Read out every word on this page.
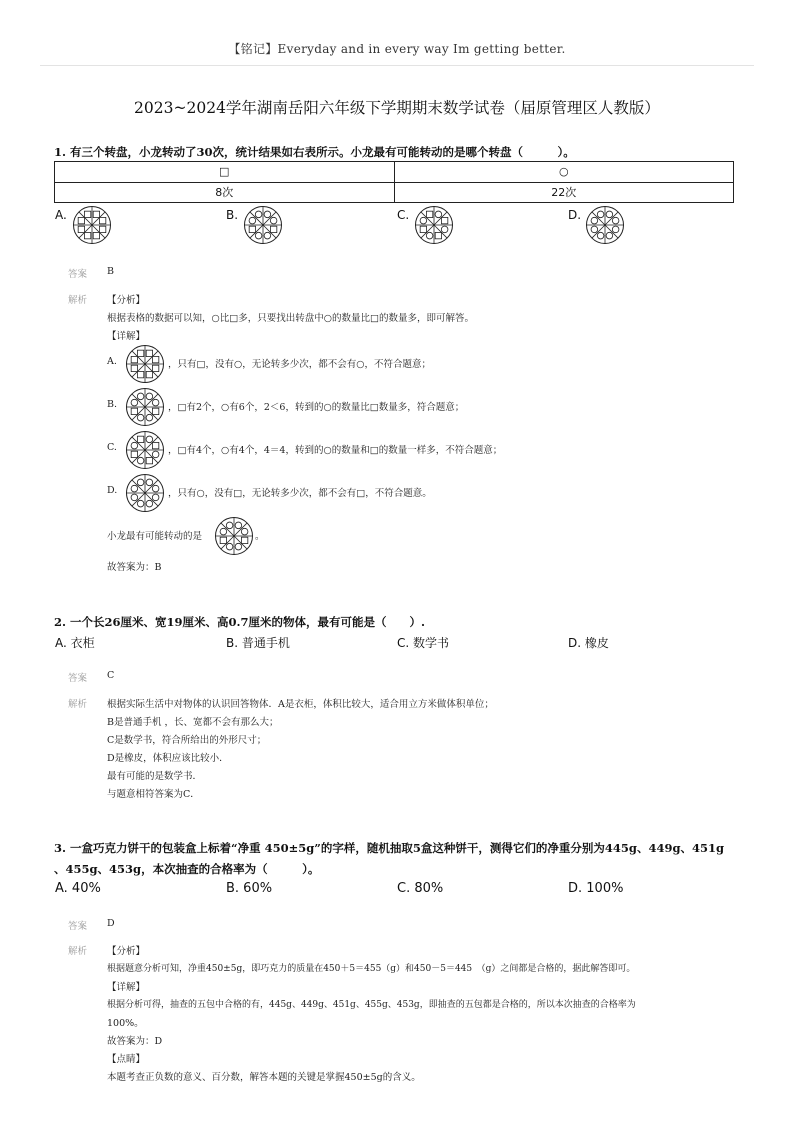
【铭记】Everyday and in every way Im getting better.
2023~2024学年湖南岳阳六年级下学期期末数学试卷（届原管理区人教版）
1. 有三个转盘，小龙转动了30次，统计结果如右表所示。小龙最有可能转动的是哪个转盘（　　　）。
□	○
8次	22次
A.	B.	C.	D.
答案 B
解析 【分析】
根据表格的数据可以知，○比□多，只要找出转盘中○的数量比□的数量多，即可解答。
【详解】
A.	，只有□，没有○，无论转多少次，都不会有○，不符合题意；
B.	，□有2个，○有6个，2＜6，转到的○的数量比□数量多，符合题意；
C.	，□有4个，○有4个，4＝4，转到的○的数量和□的数量一样多，不符合题意；
D.	，只有○，没有□，无论转多少次，都不会有□，不符合题意。
小龙最有可能转动的是	。
故答案为：B
2. 一个长26厘米、宽19厘米、高0.7厘米的物体，最有可能是（　　）.
A. 衣柜	B. 普通手机	C. 数学书	D. 橡皮
答案 C
解析 根据实际生活中对物体的认识回答物体．A是衣柜，体积比较大，适合用立方米做体积单位；
B是普通手机 ，长、宽都不会有那么大；
C是数学书，符合所给出的外形尺寸；
D是橡皮，体积应该比较小．
最有可能的是数学书．
与题意相符答案为C．
3. 一盒巧克力饼干的包装盒上标着“净重 450±5g”的字样，随机抽取5盒这种饼干，测得它们的净重分别为445g、449g、451g
、455g、453g，本次抽查的合格率为（　　　）。
A. 40%	B. 60%	C. 80%	D. 100%
答案 D
解析 【分析】
根据题意分析可知，净重450±5g，即巧克力的质量在450＋5＝455（g）和450－5＝445　（g）之间都是合格的，据此解答即可。
【详解】
根据分析可得，抽查的五包中合格的有，445g、449g、451g、455g、453g，即抽查的五包都是合格的，所以本次抽查的合格率为
100%。
故答案为：D
【点睛】
本题考查正负数的意义、百分数，解答本题的关键是掌握450±5g的含义。
